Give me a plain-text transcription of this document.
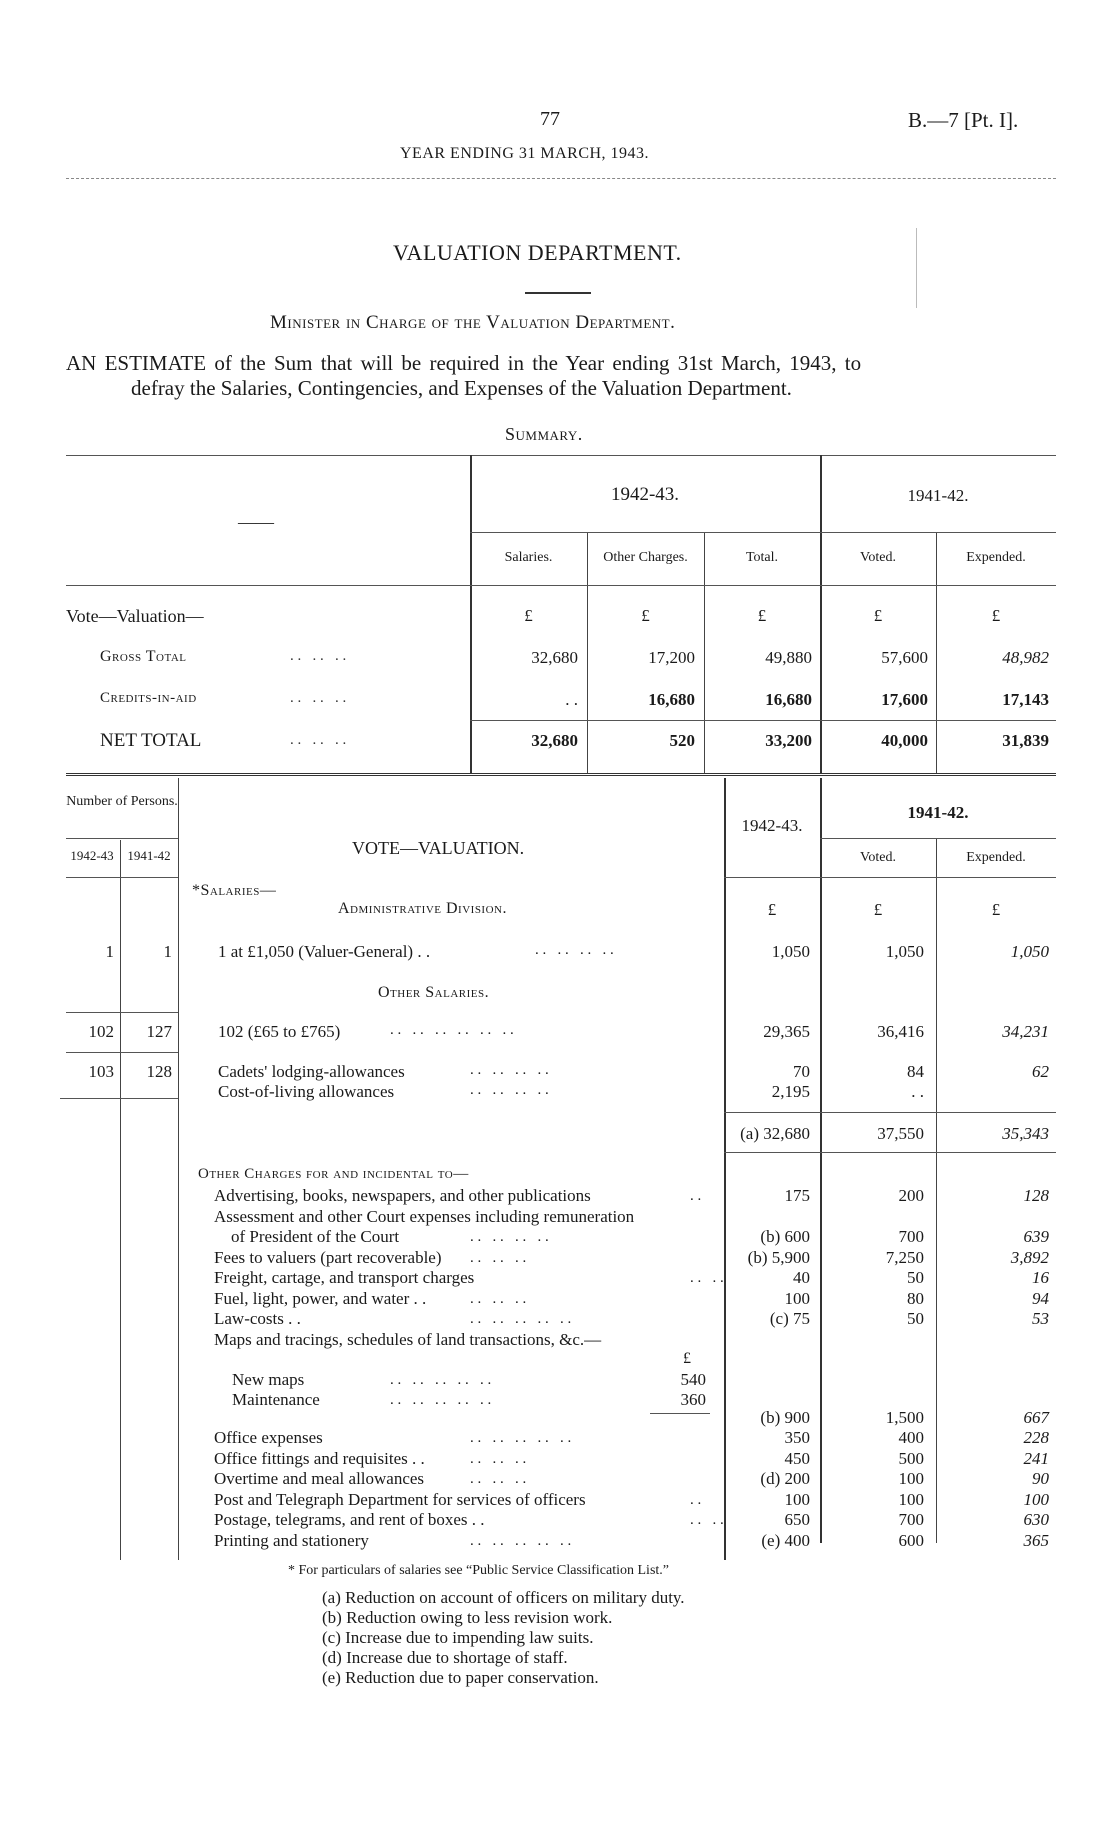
77	B.—7 [Pt. I].
YEAR ENDING 31 MARCH, 1943.
VALUATION DEPARTMENT.
Minister in Charge of the Valuation Department.
AN ESTIMATE of the Sum that will be required in the Year ending 31st March, 1943, to
defray the Salaries, Contingencies, and Expenses of the Valuation Department.
Summary.
——
1942-43.	1941-42.
Salaries.	Other Charges.	Total.	Voted.	Expended.
Vote—Valuation—	£	£	£	£	£
Gross Total	. .   . .   . .	32,680	17,200	49,880	57,600	48,982
Credits-in-aid	. .   . .   . .	. .	16,680	16,680	17,600	17,143
NET TOTAL	. .   . .   . .	32,680	520	33,200	40,000	31,839
Number of Persons.
1942-43	1941-42	VOTE—VALUATION.
1942-43.
1941-42.
Voted.	Expended.
*Salaries—
Administrative Division.	£	£	£
1	1	1 at £1,050 (Valuer-General) . .	. .   . .   . .   . .	1,050	1,050	1,050
Other Salaries.
102	127	102 (£65 to £765)	. .   . .   . .   . .   . .   . .	29,365	36,416	34,231
103	128	Cadets' lodging-allowances	. .   . .   . .   . .	70	84	62
Cost-of-living allowances	. .   . .   . .   . .	2,195	. .
(a) 32,680	37,550	35,343
Other Charges for and incidental to—
Advertising, books, newspapers, and other publications	. .	175	200	128
Assessment and other Court expenses including remuneration
of President of the Court	. .   . .   . .   . .	(b) 600	700	639
Fees to valuers (part recoverable) . .   . .   . .	(b) 5,900	7,250	3,892
Freight, cartage, and transport charges	. .   . .	40	50	16
Fuel, light, power, and water . .	. .   . .   . .	100	80	94
Law-costs . .	. .   . .   . .   . .   . .	(c) 75	50	53
Maps and tracings, schedules of land transactions, &c.—
£
New maps	. .   . .   . .   . .   . .	540
Maintenance	. .   . .   . .   . .   . .	360
(b) 900	1,500	667
Office expenses	. .   . .   . .   . .   . .	350	400	228
Office fittings and requisites . .	. .   . .   . .	450	500	241
Overtime and meal allowances	. .   . .   . .	(d) 200	100	90
Post and Telegraph Department for services of officers	. .	100	100	100
Postage, telegrams, and rent of boxes . .	. .   . .	650	700	630
Printing and stationery	. .   . .   . .   . .   . .	(e) 400	600	365
* For particulars of salaries see “Public Service Classification List.”
(a) Reduction on account of officers on military duty.
(b) Reduction owing to less revision work.
(c) Increase due to impending law suits.
(d) Increase due to shortage of staff.
(e) Reduction due to paper conservation.
